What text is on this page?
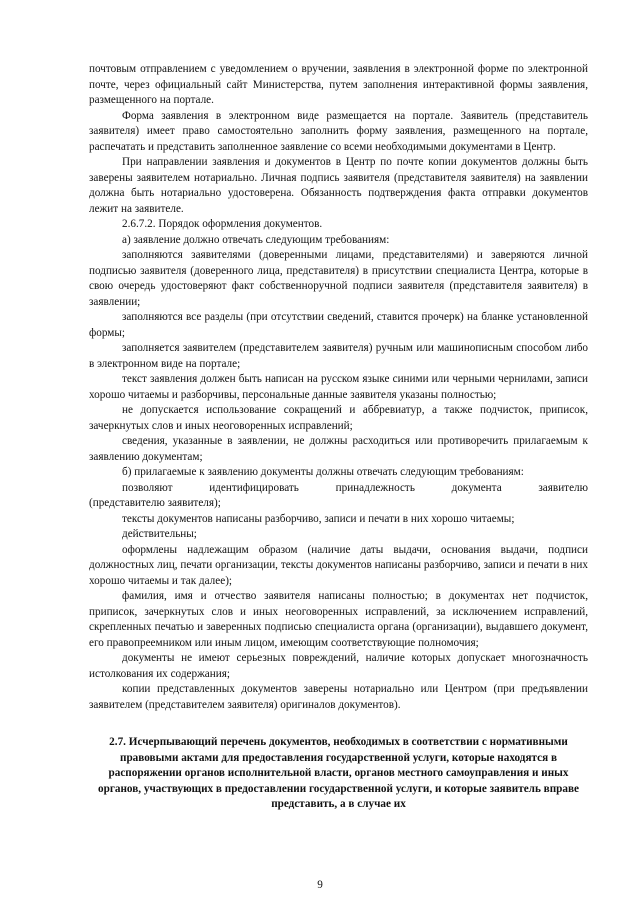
почтовым отправлением с уведомлением о вручении, заявления в электронной форме по электронной почте, через официальный сайт Министерства, путем заполнения интерактивной формы заявления, размещенного на портале.

Форма заявления в электронном виде размещается на портале. Заявитель (представитель заявителя) имеет право самостоятельно заполнить форму заявления, размещенного на портале, распечатать и представить заполненное заявление со всеми необходимыми документами в Центр.

При направлении заявления и документов в Центр по почте копии документов должны быть заверены заявителем нотариально. Личная подпись заявителя (представителя заявителя) на заявлении должна быть нотариально удостоверена. Обязанность подтверждения факта отправки документов лежит на заявителе.

2.6.7.2. Порядок оформления документов.

а) заявление должно отвечать следующим требованиям:

заполняются заявителями (доверенными лицами, представителями) и заверяются личной подписью заявителя (доверенного лица, представителя) в присутствии специалиста Центра, которые в свою очередь удостоверяют факт собственноручной подписи заявителя (представителя заявителя) в заявлении;

заполняются все разделы (при отсутствии сведений, ставится прочерк) на бланке установленной формы;

заполняется заявителем (представителем заявителя) ручным или машинописным способом либо в электронном виде на портале;

текст заявления должен быть написан на русском языке синими или черными чернилами, записи хорошо читаемы и разборчивы, персональные данные заявителя указаны полностью;

не допускается использование сокращений и аббревиатур, а также подчисток, приписок, зачеркнутых слов и иных неоговоренных исправлений;

сведения, указанные в заявлении, не должны расходиться или противоречить прилагаемым к заявлению документам;

б) прилагаемые к заявлению документы должны отвечать следующим требованиям:

позволяют	идентифицировать	принадлежность	документа	заявителю

(представителю заявителя);

тексты документов написаны разборчиво, записи и печати в них хорошо читаемы;

действительны;

оформлены надлежащим образом (наличие даты выдачи, основания выдачи, подписи должностных лиц, печати организации, тексты документов написаны разборчиво, записи и печати в них хорошо читаемы и так далее);

фамилия, имя и отчество заявителя написаны полностью; в документах нет подчисток, приписок, зачеркнутых слов и иных неоговоренных исправлений, за исключением исправлений, скрепленных печатью и заверенных подписью специалиста органа (организации), выдавшего документ, его правопреемником или иным лицом, имеющим соответствующие полномочия;

документы не имеют серьезных повреждений, наличие которых допускает многозначность истолкования их содержания;

копии представленных документов заверены нотариально или Центром (при предъявлении заявителем (представителем заявителя) оригиналов документов).

2.7. Исчерпывающий перечень документов, необходимых в соответствии с нормативными правовыми актами для предоставления государственной услуги, которые находятся в распоряжении органов исполнительной власти, органов местного самоуправления и иных органов, участвующих в предоставлении государственной услуги, и которые заявитель вправе представить, а в случае их

9
